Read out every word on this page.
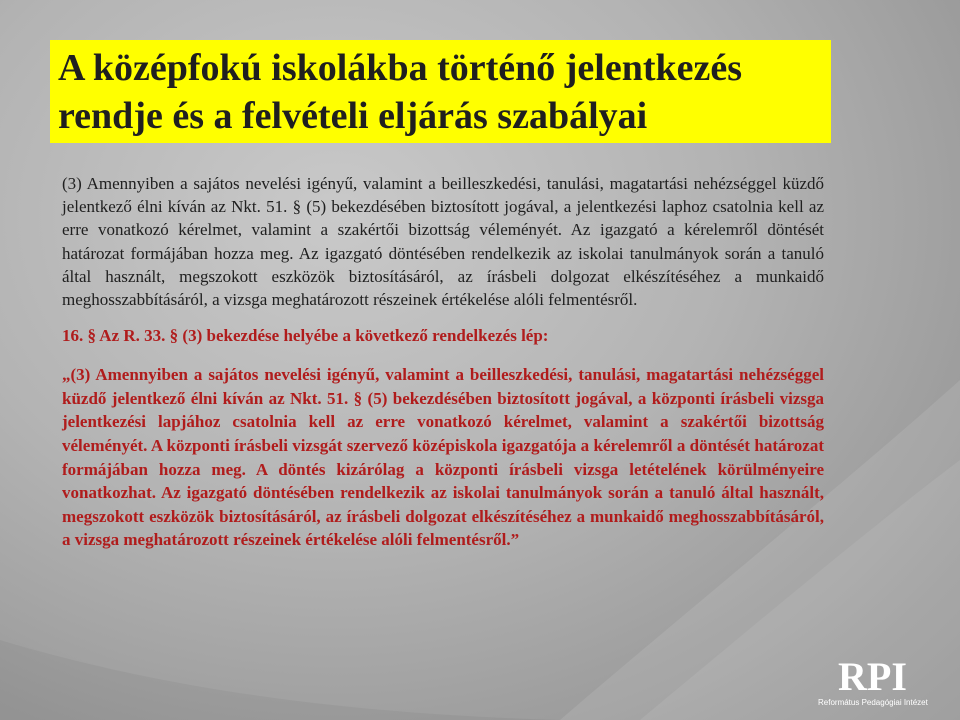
A középfokú iskolákba történő jelentkezés rendje és a felvételi eljárás szabályai

(3) Amennyiben a sajátos nevelési igényű, valamint a beilleszkedési, tanulási, magatartási nehézséggel küzdő jelentkező élni kíván az Nkt. 51. § (5) bekezdésében biztosított jogával, a jelentkezési laphoz csatolnia kell az erre vonatkozó kérelmet, valamint a szakértői bizottság véleményét. Az igazgató a kérelemről döntését határozat formájában hozza meg. Az igazgató döntésében rendelkezik az iskolai tanulmányok során a tanuló által használt, megszokott eszközök biztosításáról, az írásbeli dolgozat elkészítéséhez a munkaidő meghosszabbításáról, a vizsga meghatározott részeinek értékelése alóli felmentésről.

16. § Az R. 33. § (3) bekezdése helyébe a következő rendelkezés lép:

„(3) Amennyiben a sajátos nevelési igényű, valamint a beilleszkedési, tanulási, magatartási nehézséggel küzdő jelentkező élni kíván az Nkt. 51. § (5) bekezdésében biztosított jogával, a központi írásbeli vizsga jelentkezési lapjához csatolnia kell az erre vonatkozó kérelmet, valamint a szakértői bizottság véleményét. A központi írásbeli vizsgát szervező középiskola igazgatója a kérelemről a döntését határozat formájában hozza meg. A döntés kizárólag a központi írásbeli vizsga letételének körülményeire vonatkozhat. Az igazgató döntésében rendelkezik az iskolai tanulmányok során a tanuló által használt, megszokott eszközök biztosításáról, az írásbeli dolgozat elkészítéséhez a munkaidő meghosszabbításáról, a vizsga meghatározott részeinek értékelése alóli felmentésről.”

RPI
Református Pedagógiai Intézet
